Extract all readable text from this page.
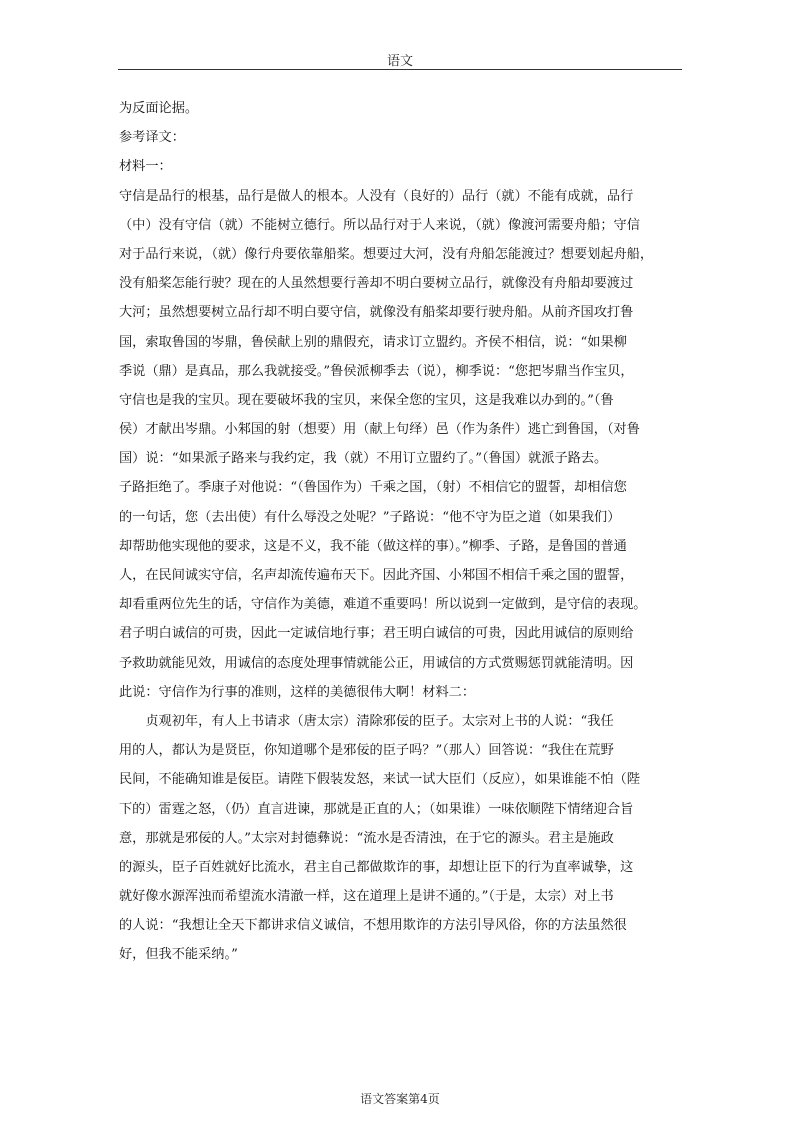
语文
为反面论据。
参考译文：
材料一：
守信是品行的根基，品行是做人的根本。人没有（良好的）品行（就）不能有成就，品行
（中）没有守信（就）不能树立德行。所以品行对于人来说，（就）像渡河需要舟船；守信
对于品行来说，（就）像行舟要依靠船桨。想要过大河，没有舟船怎能渡过？想要划起舟船，
没有船桨怎能行驶？现在的人虽然想要行善却不明白要树立品行，就像没有舟船却要渡过
大河；虽然想要树立品行却不明白要守信，就像没有船桨却要行驶舟船。从前齐国攻打鲁
国，索取鲁国的岑鼎，鲁侯献上别的鼎假充，请求订立盟约。齐侯不相信，说：“如果柳
季说（鼎）是真品，那么我就接受。”鲁侯派柳季去（说），柳季说：“您把岑鼎当作宝贝，
守信也是我的宝贝。现在要破坏我的宝贝，来保全您的宝贝，这是我难以办到的。”（鲁
侯）才献出岑鼎。小邾国的射（想要）用（献上句绎）邑（作为条件）逃亡到鲁国，（对鲁
国）说：“如果派子路来与我约定，我（就）不用订立盟约了。”（鲁国）就派子路去。
子路拒绝了。季康子对他说：“（鲁国作为）千乘之国，（射）不相信它的盟誓，却相信您
的一句话，您（去出使）有什么辱没之处呢？”子路说：“他不守为臣之道（如果我们）
却帮助他实现他的要求，这是不义，我不能（做这样的事）。”柳季、子路，是鲁国的普通
人，在民间诚实守信，名声却流传遍布天下。因此齐国、小邾国不相信千乘之国的盟誓，
却看重两位先生的话，守信作为美德，难道不重要吗！所以说到一定做到，是守信的表现。
君子明白诚信的可贵，因此一定诚信地行事；君王明白诚信的可贵，因此用诚信的原则给
予救助就能见效，用诚信的态度处理事情就能公正，用诚信的方式赏赐惩罚就能清明。因
此说：守信作为行事的准则，这样的美德很伟大啊！材料二：
　　贞观初年，有人上书请求（唐太宗）清除邪佞的臣子。太宗对上书的人说：“我任
用的人，都认为是贤臣，你知道哪个是邪佞的臣子吗？”（那人）回答说：“我住在荒野
民间，不能确知谁是佞臣。请陛下假装发怒，来试一试大臣们（反应），如果谁能不怕（陛
下的）雷霆之怒，（仍）直言进谏，那就是正直的人；（如果谁）一味依顺陛下情绪迎合旨
意，那就是邪佞的人。”太宗对封德彝说：“流水是否清浊，在于它的源头。君主是施政
的源头，臣子百姓就好比流水，君主自己都做欺诈的事，却想让臣下的行为直率诚挚，这
就好像水源浑浊而希望流水清澈一样，这在道理上是讲不通的。”（于是，太宗）对上书
的人说：“我想让全天下都讲求信义诚信，不想用欺诈的方法引导风俗，你的方法虽然很
好，但我不能采纳。”
语文答案第4页
